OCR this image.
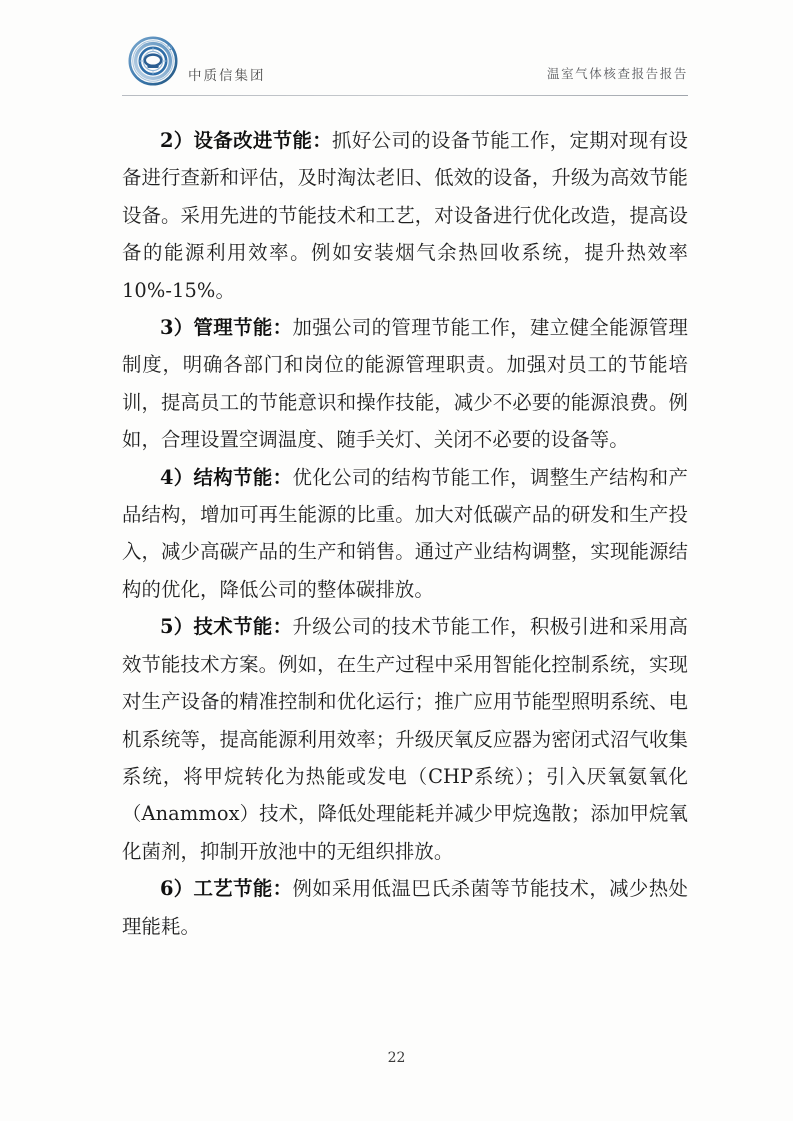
中质信集团	温室气体核查报告报告

2）设备改进节能：抓好公司的设备节能工作，定期对现有设备进行查新和评估，及时淘汰老旧、低效的设备，升级为高效节能设备。采用先进的节能技术和工艺，对设备进行优化改造，提高设备的能源利用效率。例如安装烟气余热回收系统，提升热效率10%-15%。

3）管理节能：加强公司的管理节能工作，建立健全能源管理制度，明确各部门和岗位的能源管理职责。加强对员工的节能培训，提高员工的节能意识和操作技能，减少不必要的能源浪费。例如，合理设置空调温度、随手关灯、关闭不必要的设备等。

4）结构节能：优化公司的结构节能工作，调整生产结构和产品结构，增加可再生能源的比重。加大对低碳产品的研发和生产投入，减少高碳产品的生产和销售。通过产业结构调整，实现能源结构的优化，降低公司的整体碳排放。

5）技术节能：升级公司的技术节能工作，积极引进和采用高效节能技术方案。例如，在生产过程中采用智能化控制系统，实现对生产设备的精准控制和优化运行；推广应用节能型照明系统、电机系统等，提高能源利用效率；升级厌氧反应器为密闭式沼气收集系统，将甲烷转化为热能或发电（CHP系统）；引入厌氧氨氧化（Anammox）技术，降低处理能耗并减少甲烷逸散；添加甲烷氧化菌剂，抑制开放池中的无组织排放。

6）工艺节能：例如采用低温巴氏杀菌等节能技术，减少热处理能耗。

22
